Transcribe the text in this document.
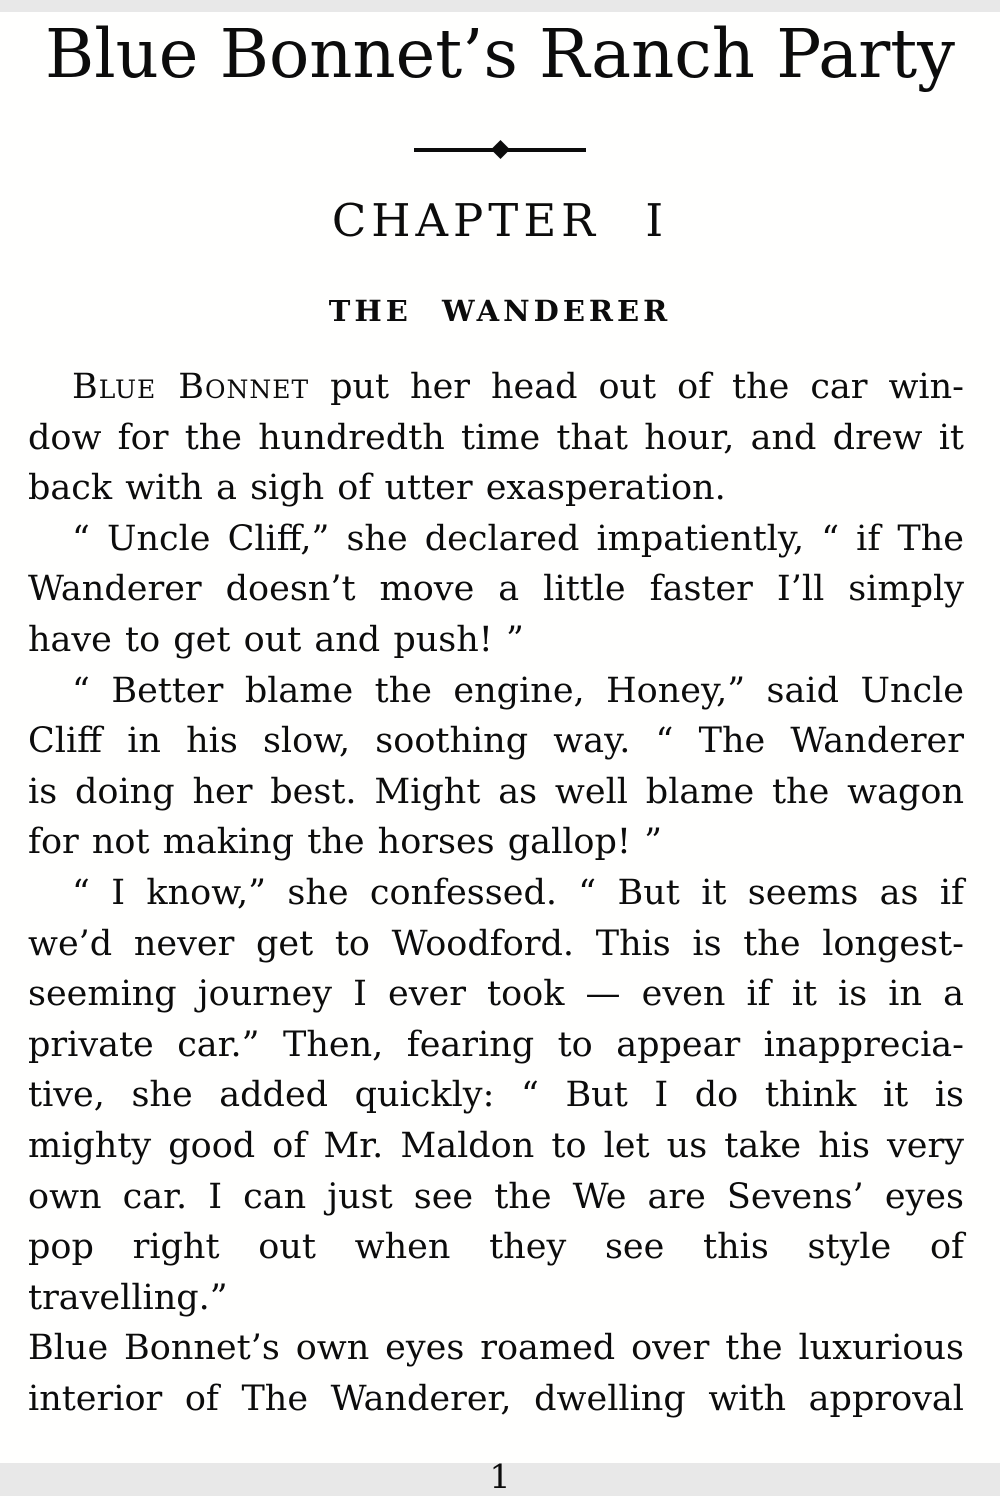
Blue Bonnet’s Ranch Party
CHAPTER I
THE WANDERER
Blue Bonnet put her head out of the car win-
dow for the hundredth time that hour, and drew it
back with a sigh of utter exasperation.
“ Uncle Cliff,” she declared impatiently, “ if The
Wanderer doesn’t move a little faster I’ll simply
have to get out and push! ”
“ Better blame the engine, Honey,” said Uncle
Cliff in his slow, soothing way. “ The Wanderer
is doing her best. Might as well blame the wagon
for not making the horses gallop! ”
“ I know,” she confessed. “ But it seems as if
we’d never get to Woodford. This is the longest-
seeming journey I ever took — even if it is in a
private car.” Then, fearing to appear inapprecia-
tive, she added quickly: “ But I do think it is
mighty good of Mr. Maldon to let us take his very
own car. I can just see the We are Sevens’ eyes
pop right out when they see this style of travelling.”
Blue Bonnet’s own eyes roamed over the luxurious
interior of The Wanderer, dwelling with approval
1
